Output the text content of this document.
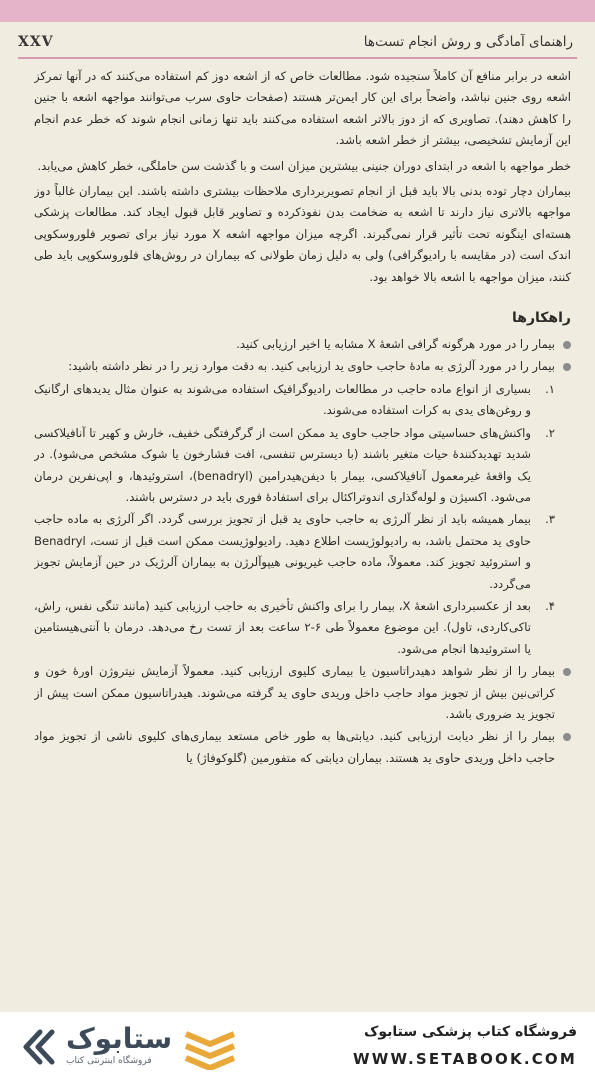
XXV	راهنمای آمادگی و روش انجام تست‌ها

اشعه در برابر منافع آن کاملاً سنجیده شود. مطالعات خاص که از اشعه دوز کم استفاده می‌کنند که در آنها تمرکز اشعه روی جنین نباشد، واضحاً برای این کار ایمن‌تر هستند (صفحات حاوی سرب می‌توانند مواجهه اشعه با جنین را کاهش دهند). تصاویری که از دوز بالاتر اشعه استفاده می‌کنند باید تنها زمانی انجام شوند که خطر عدم انجام این آزمایش تشخیصی، بیشتر از خطر اشعه باشد.

خطر مواجهه با اشعه در ابتدای دوران جنینی بیشترین میزان است و با گذشت سن حاملگی، خطر کاهش می‌یابد.

بیماران دچار توده بدنی بالا باید قبل از انجام تصویربرداری ملاحظات بیشتری داشته باشند. این بیماران غالباً دوز مواجهه بالاتری نیاز دارند تا اشعه به ضخامت بدن نفوذکرده و تصاویر قابل قبول ایجاد کند. مطالعات پزشکی هسته‌ای اینگونه تحت تأثیر قرار نمی‌گیرند. اگرچه میزان مواجهه اشعه X مورد نیاز برای تصویر فلوروسکوپی اندک است (در مقایسه با رادیوگرافی) ولی به دلیل زمان طولانی که بیماران در روش‌های فلوروسکوپی باید طی کنند، میزان مواجهه با اشعه بالا خواهد بود.

راهکارها
بیمار را در مورد هرگونه گرافی اشعهٔ X مشابه یا اخیر ارزیابی کنید.
بیمار را در مورد آلرژی به مادهٔ حاجب حاوی ید ارزیابی کنید. به دقت موارد زیر را در نظر داشته باشید:
.۱
بسیاری از انواع ماده حاجب در مطالعات رادیوگرافیک استفاده می‌شوند به عنوان مثال یدیدهای ارگانیک و روغن‌های یدی به کرات استفاده می‌شوند.
.۲
واکنش‌های حساسیتی مواد حاجب حاوی ید ممکن است از گرگرفتگی خفیف، خارش و کهیر تا آنافیلاکسی شدید تهدیدکنندهٔ حیات متغیر باشند (با دیسترس تنفسی، افت فشارخون یا شوک مشخص می‌شود). در یک واقعهٔ غیرمعمول آنافیلاکسی، بیمار با دیفن‌هیدرامین (benadryl)، استروئیدها، و اپی‌نفرین درمان می‌شود. اکسیژن و لوله‌گذاری اندوتراکئال برای استفادهٔ فوری باید در دسترس باشند.
.۳
بیمار همیشه باید از نظر آلرژی به حاجب حاوی ید قبل از تجویز بررسی گردد. اگر آلرژی به ماده حاجب حاوی ید محتمل باشد، به رادیولوژیست اطلاع دهید. رادیولوژیست ممکن است قبل از تست، Benadryl و استروئید تجویز کند. معمولاً، ماده حاجب غیریونی هیپوآلرژن به بیماران آلرژیک در حین آزمایش تجویز می‌گردد.
.۴
بعد از عکسبرداری اشعهٔ X، بیمار را برای واکنش تأخیری به حاجب ارزیابی کنید (مانند تنگی نفس، راش، تاکی‌کاردی، تاول). این موضوع معمولاً طی ۶-۲ ساعت بعد از تست رخ می‌دهد. درمان با آنتی‌هیستامین یا استروئیدها انجام می‌شود.
بیمار را از نظر شواهد دهیدراتاسیون یا بیماری کلیوی ارزیابی کنید. معمولاً آزمایش نیتروژن اورهٔ خون و کراتی‌نین بیش از تجویز مواد حاجب داخل وریدی حاوی ید گرفته می‌شوند. هیدراتاسیون ممکن است پیش از تجویز ید ضروری باشد.
بیمار را از نظر دیابت ارزیابی کنید. دیابتی‌ها به طور خاص مستعد بیماری‌های کلیوی ناشی از تجویز مواد حاجب داخل وریدی حاوی ید هستند. بیماران دیابتی که متفورمین (گلوکوفاژ) یا
ستابوک
فروشگاه اینترنتی کتاب
فروشگاه کتاب پزشکی ستابوک
WWW.SETABOOK.COM
